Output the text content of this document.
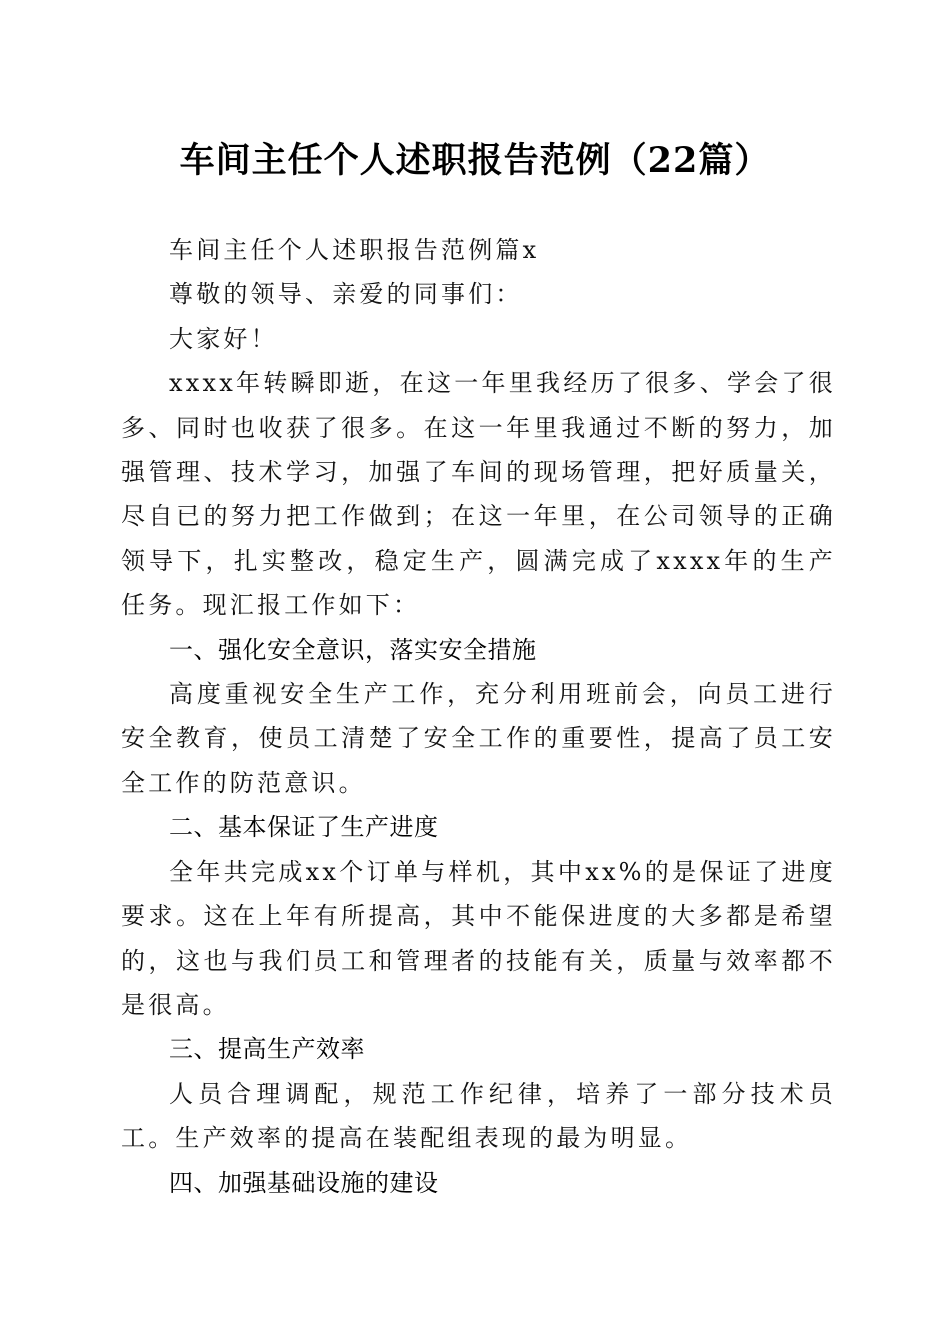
车间主任个人述职报告范例（22篇）

车间主任个人述职报告范例篇x

尊敬的领导、亲爱的同事们：

大家好！

xxxx年转瞬即逝，在这一年里我经历了很多、学会了很多、同时也收获了很多。在这一年里我通过不断的努力，加强管理、技术学习，加强了车间的现场管理，把好质量关，尽自已的努力把工作做到；在这一年里，在公司领导的正确领导下，扎实整改，稳定生产，圆满完成了xxxx年的生产任务。现汇报工作如下：

一、强化安全意识，落实安全措施

高度重视安全生产工作，充分利用班前会，向员工进行安全教育，使员工清楚了安全工作的重要性，提高了员工安全工作的防范意识。

二、基本保证了生产进度

全年共完成xx个订单与样机，其中xx%的是保证了进度要求。这在上年有所提高，其中不能保进度的大多都是希望的，这也与我们员工和管理者的技能有关，质量与效率都不是很高。

三、提高生产效率

人员合理调配，规范工作纪律，培养了一部分技术员工。生产效率的提高在装配组表现的最为明显。

四、加强基础设施的建设
